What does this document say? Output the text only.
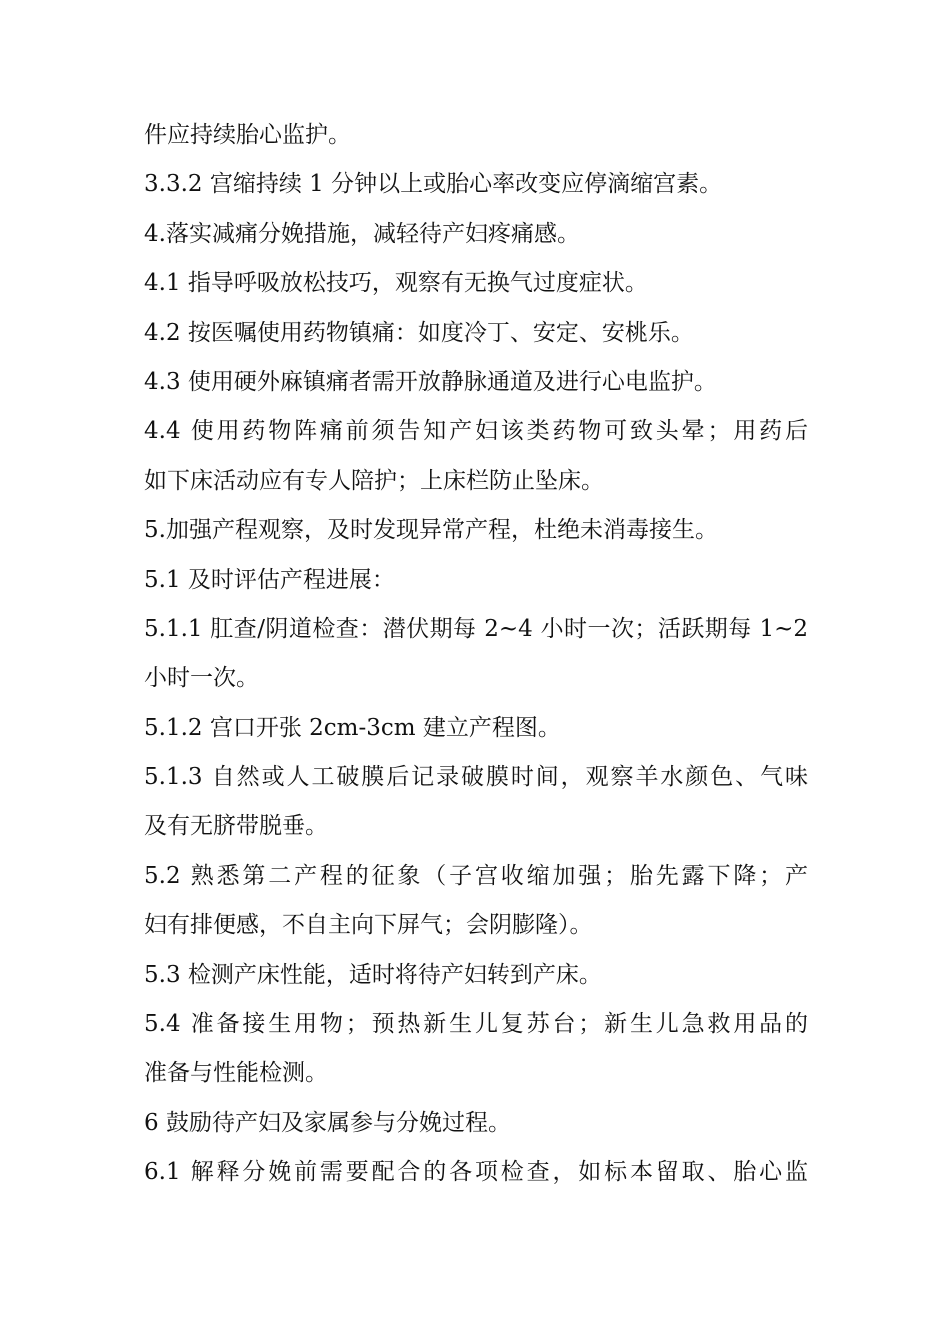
件应持续胎心监护。

3.3.2 宫缩持续 1 分钟以上或胎心率改变应停滴缩宫素。

4.落实减痛分娩措施，减轻待产妇疼痛感。

4.1 指导呼吸放松技巧，观察有无换气过度症状。

4.2 按医嘱使用药物镇痛：如度冷丁、安定、安桃乐。

4.3 使用硬外麻镇痛者需开放静脉通道及进行心电监护。

4.4 使用药物阵痛前须告知产妇该类药物可致头晕；用药后

如下床活动应有专人陪护；上床栏防止坠床。

5.加强产程观察，及时发现异常产程，杜绝未消毒接生。

5.1 及时评估产程进展：

5.1.1 肛查/阴道检查：潜伏期每 2~4 小时一次；活跃期每 1~2

小时一次。

5.1.2 宫口开张 2cm-3cm 建立产程图。

5.1.3 自然或人工破膜后记录破膜时间，观察羊水颜色、气味

及有无脐带脱垂。

5.2 熟悉第二产程的征象（子宫收缩加强；胎先露下降；产

妇有排便感，不自主向下屏气；会阴膨隆）。

5.3 检测产床性能，适时将待产妇转到产床。

5.4 准备接生用物；预热新生儿复苏台；新生儿急救用品的

准备与性能检测。

6 鼓励待产妇及家属参与分娩过程。

6.1 解释分娩前需要配合的各项检查，如标本留取、胎心监
